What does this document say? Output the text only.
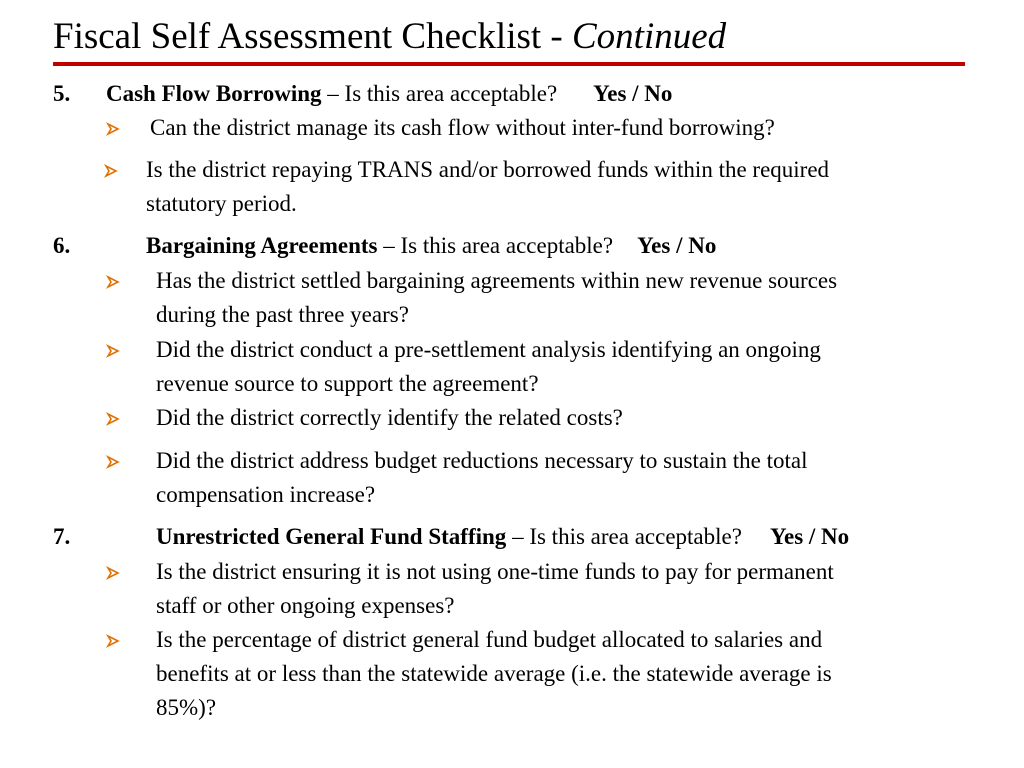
Fiscal Self Assessment Checklist - Continued
5. Cash Flow Borrowing – Is this area acceptable? Yes / No
Can the district manage its cash flow without inter-fund borrowing?
Is the district repaying TRANS and/or borrowed funds within the required
statutory period.
6.	Bargaining Agreements – Is this area acceptable? Yes / No
Has the district settled bargaining agreements within new revenue sources
during the past three years?
Did the district conduct a pre-settlement analysis identifying an ongoing
revenue source to support the agreement?
Did the district correctly identify the related costs?
Did the district address budget reductions necessary to sustain the total
compensation increase?
7.	Unrestricted General Fund Staffing – Is this area acceptable? Yes / No
Is the district ensuring it is not using one-time funds to pay for permanent
staff or other ongoing expenses?
Is the percentage of district general fund budget allocated to salaries and
benefits at or less than the statewide average (i.e. the statewide average is
85%)?
